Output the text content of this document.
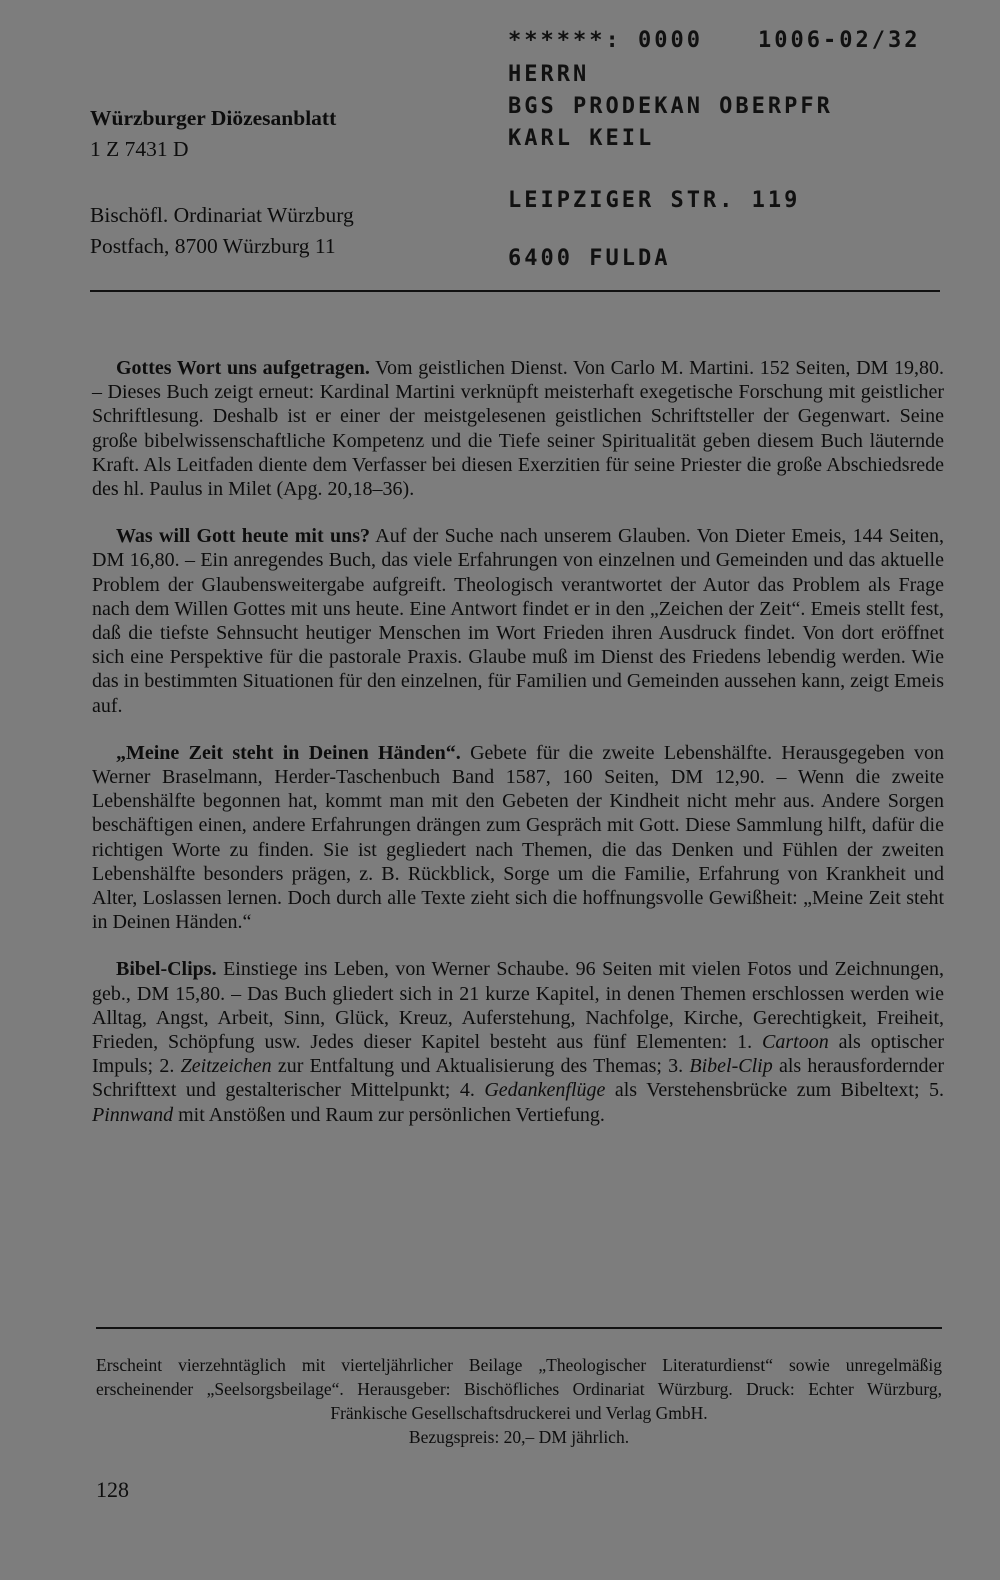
Würzburger Diözesanblatt
1 Z 7431 D
Bischöfl. Ordinariat Würzburg
Postfach, 8700 Würzburg 11
******: 0000	1006-02/32
HERRN
BGS PRODEKAN OBERPFR
KARL KEIL
LEIPZIGER STR. 119
6400 FULDA

Gottes Wort uns aufgetragen. Vom geistlichen Dienst. Von Carlo M. Martini. 152 Seiten, DM 19,80. – Dieses Buch zeigt erneut: Kardinal Martini verknüpft meisterhaft exegetische Forschung mit geistlicher Schriftlesung. Deshalb ist er einer der meistgelesenen geistlichen Schriftsteller der Gegenwart. Seine große bibelwissenschaftliche Kompetenz und die Tiefe seiner Spiritualität geben diesem Buch läuternde Kraft. Als Leitfaden diente dem Verfasser bei diesen Exerzitien für seine Priester die große Abschiedsrede des hl. Paulus in Milet (Apg. 20,18–36).

Was will Gott heute mit uns? Auf der Suche nach unserem Glauben. Von Dieter Emeis, 144 Seiten, DM 16,80. – Ein anregendes Buch, das viele Erfahrungen von einzelnen und Gemeinden und das aktuelle Problem der Glaubensweitergabe aufgreift. Theologisch verantwortet der Autor das Problem als Frage nach dem Willen Gottes mit uns heute. Eine Antwort findet er in den „Zeichen der Zeit“. Emeis stellt fest, daß die tiefste Sehnsucht heutiger Menschen im Wort Frieden ihren Ausdruck findet. Von dort eröffnet sich eine Perspektive für die pastorale Praxis. Glaube muß im Dienst des Friedens lebendig werden. Wie das in bestimmten Situationen für den einzelnen, für Familien und Gemeinden aussehen kann, zeigt Emeis auf.

„Meine Zeit steht in Deinen Händen“. Gebete für die zweite Lebenshälfte. Herausgegeben von Werner Braselmann, Herder-Taschenbuch Band 1587, 160 Seiten, DM 12,90. – Wenn die zweite Lebenshälfte begonnen hat, kommt man mit den Gebeten der Kindheit nicht mehr aus. Andere Sorgen beschäftigen einen, andere Erfahrungen drängen zum Gespräch mit Gott. Diese Sammlung hilft, dafür die richtigen Worte zu finden. Sie ist gegliedert nach Themen, die das Denken und Fühlen der zweiten Lebenshälfte besonders prägen, z. B. Rückblick, Sorge um die Familie, Erfahrung von Krankheit und Alter, Loslassen lernen. Doch durch alle Texte zieht sich die hoffnungsvolle Gewißheit: „Meine Zeit steht in Deinen Händen.“

Bibel-Clips. Einstiege ins Leben, von Werner Schaube. 96 Seiten mit vielen Fotos und Zeichnungen, geb., DM 15,80. – Das Buch gliedert sich in 21 kurze Kapitel, in denen Themen erschlossen werden wie Alltag, Angst, Arbeit, Sinn, Glück, Kreuz, Auferstehung, Nachfolge, Kirche, Gerechtigkeit, Freiheit, Frieden, Schöpfung usw. Jedes dieser Kapitel besteht aus fünf Elementen: 1. Cartoon als optischer Impuls; 2. Zeitzeichen zur Entfaltung und Aktualisierung des Themas; 3. Bibel-Clip als herausfordernder Schrifttext und gestalterischer Mittelpunkt; 4. Gedankenflüge als Verstehensbrücke zum Bibeltext; 5. Pinnwand mit Anstößen und Raum zur persönlichen Vertiefung.

Erscheint vierzehntäglich mit vierteljährlicher Beilage „Theologischer Literaturdienst“ sowie unregelmäßig erscheinender „Seelsorgsbeilage“. Herausgeber: Bischöfliches Ordinariat Würzburg. Druck: Echter Würzburg, Fränkische Gesellschaftsdruckerei und Verlag GmbH.
Bezugspreis: 20,– DM jährlich.
128
